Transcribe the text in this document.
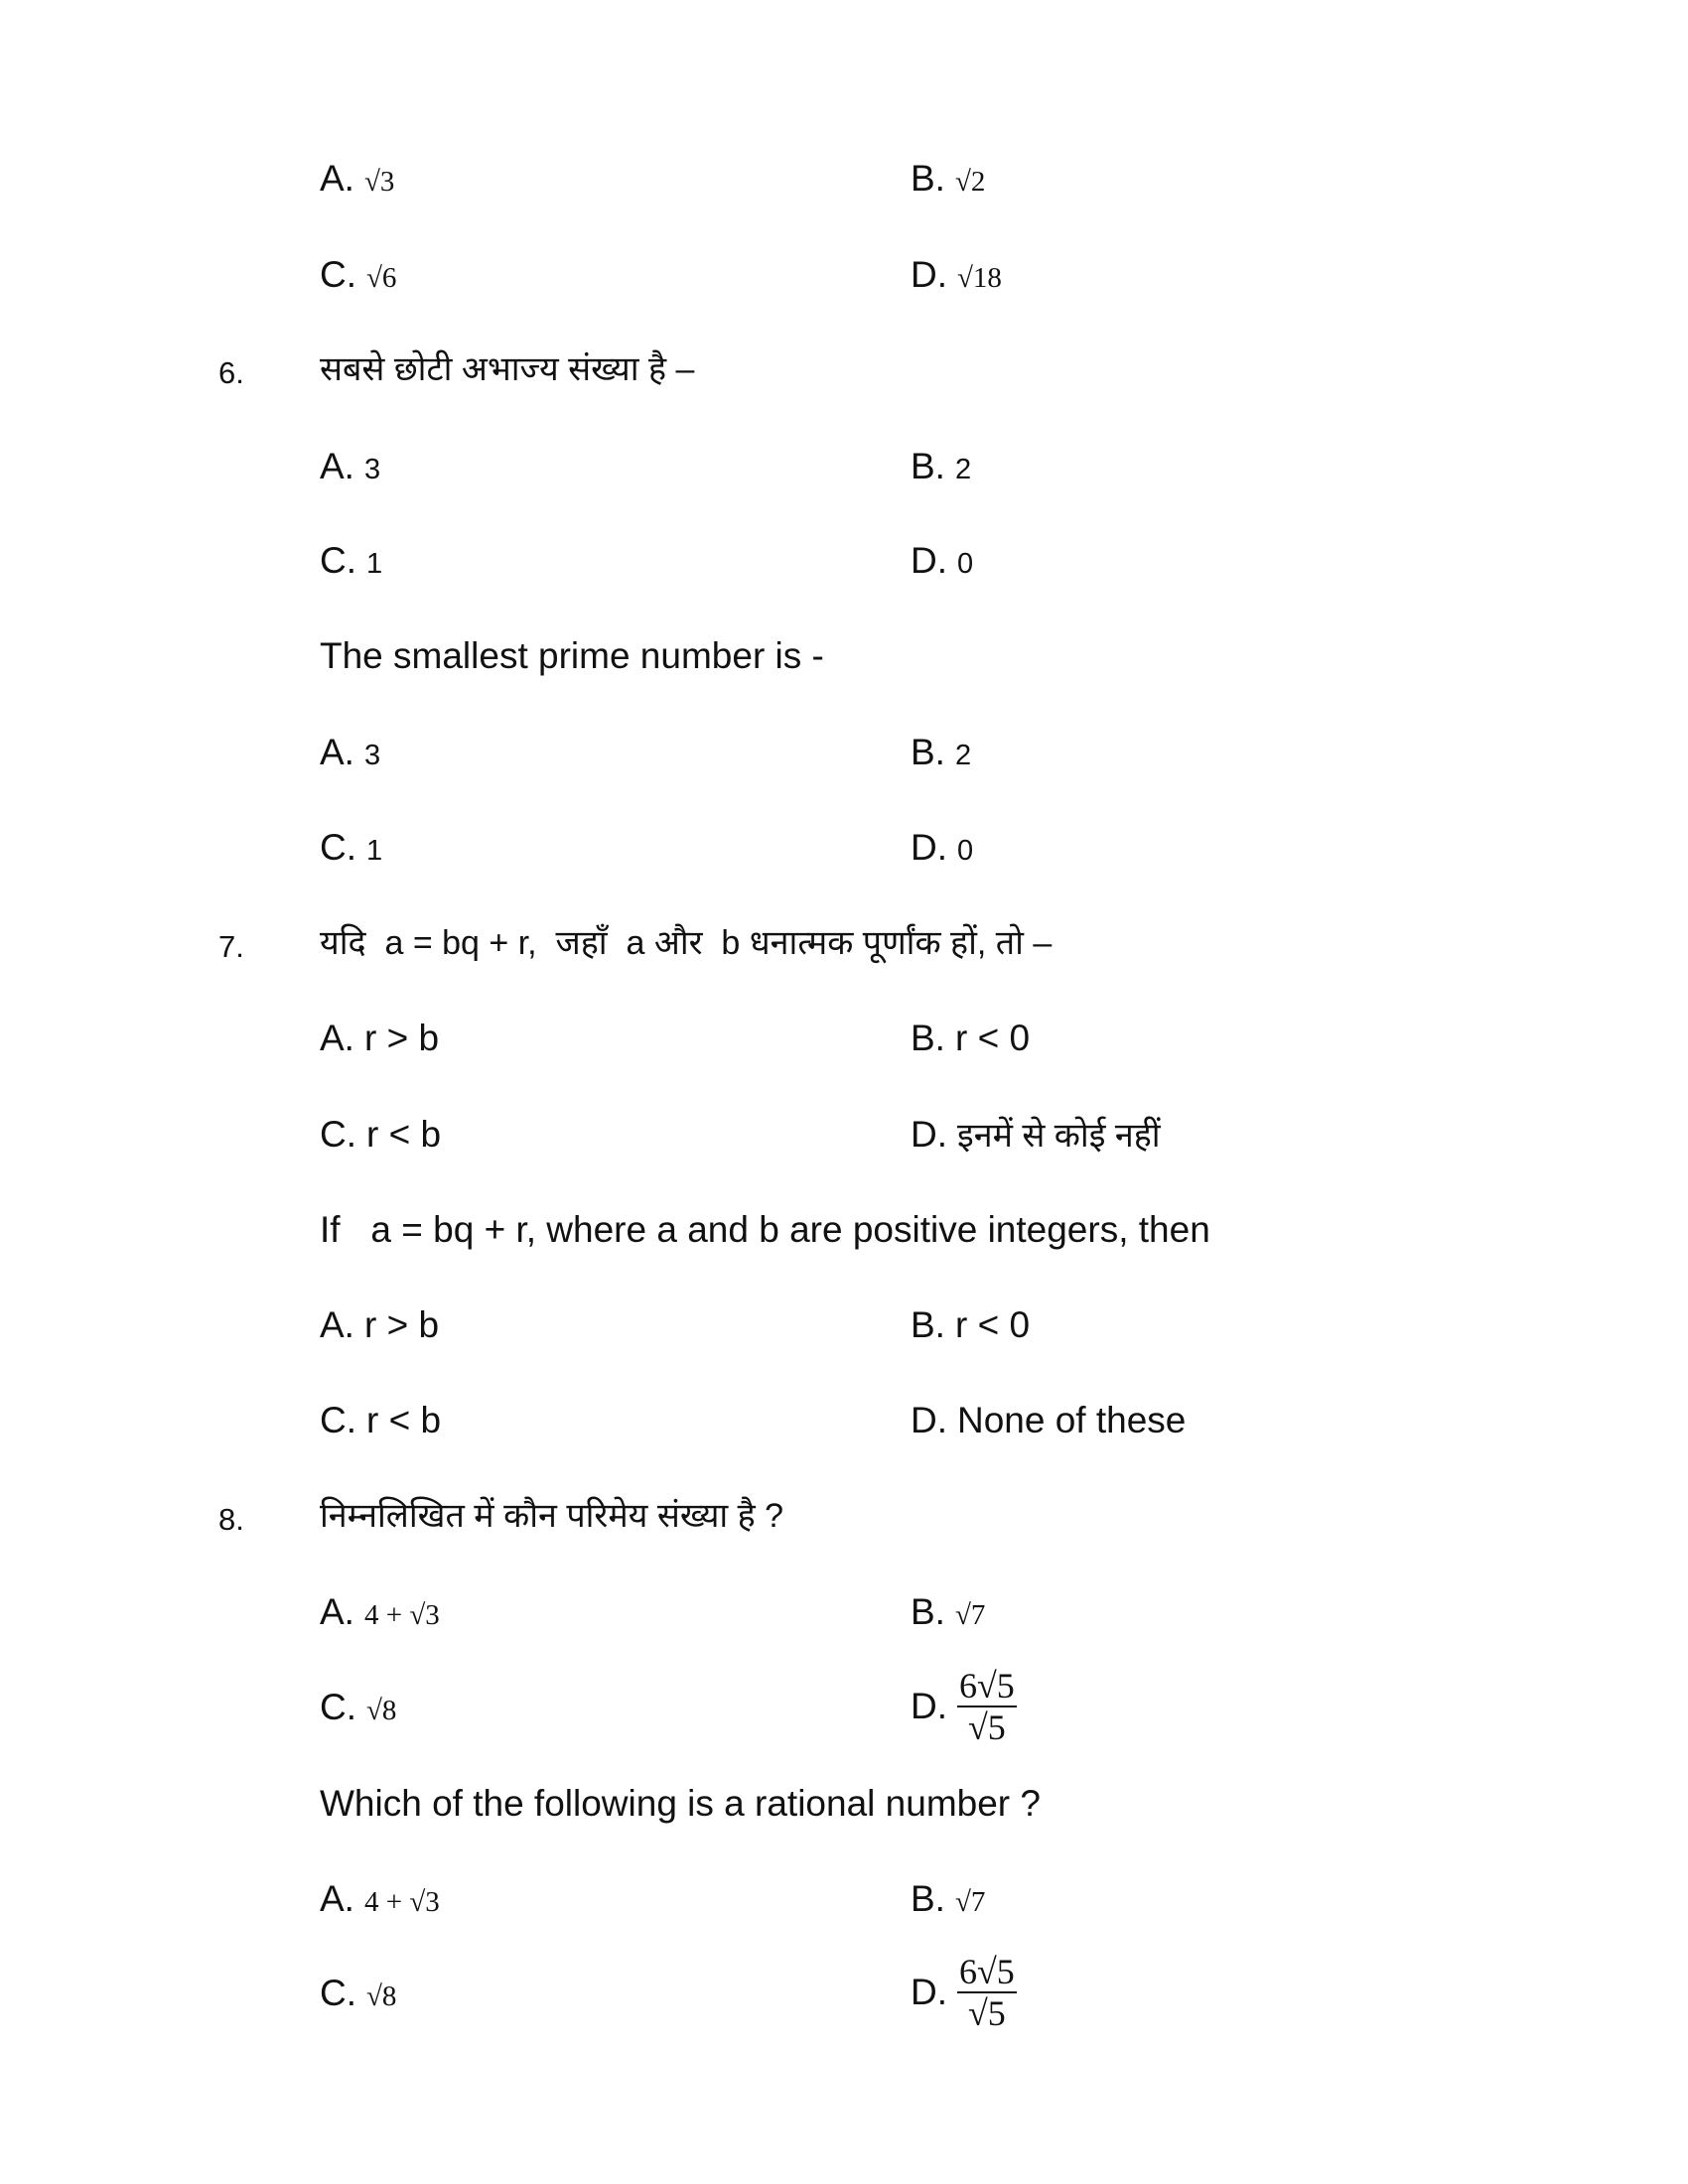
A. √3	B. √2
C. √6	D. √18
6. सबसे छोटी अभाज्य संख्या है –
A. 3	B. 2
C. 1	D. 0
The smallest prime number is -
A. 3	B. 2
C. 1	D. 0
7. यदि  a = bq + r,  जहाँ  a और  b धनात्मक पूर्णांक हों, तो –
A. r > b	B. r < 0
C. r < b	D. इनमें से कोई नहीं
If   a = bq + r, where a and b are positive integers, then
A. r > b	B. r < 0
C. r < b	D. None of these
8. निम्नलिखित में कौन परिमेय संख्या है ?
A. 4 + √3	B. √7
C. √8	D. $\frac{6√5}{√5}$
Which of the following is a rational number ?
A. 4 + √3	B. √7
C. √8	D. $\frac{6√5}{√5}$
